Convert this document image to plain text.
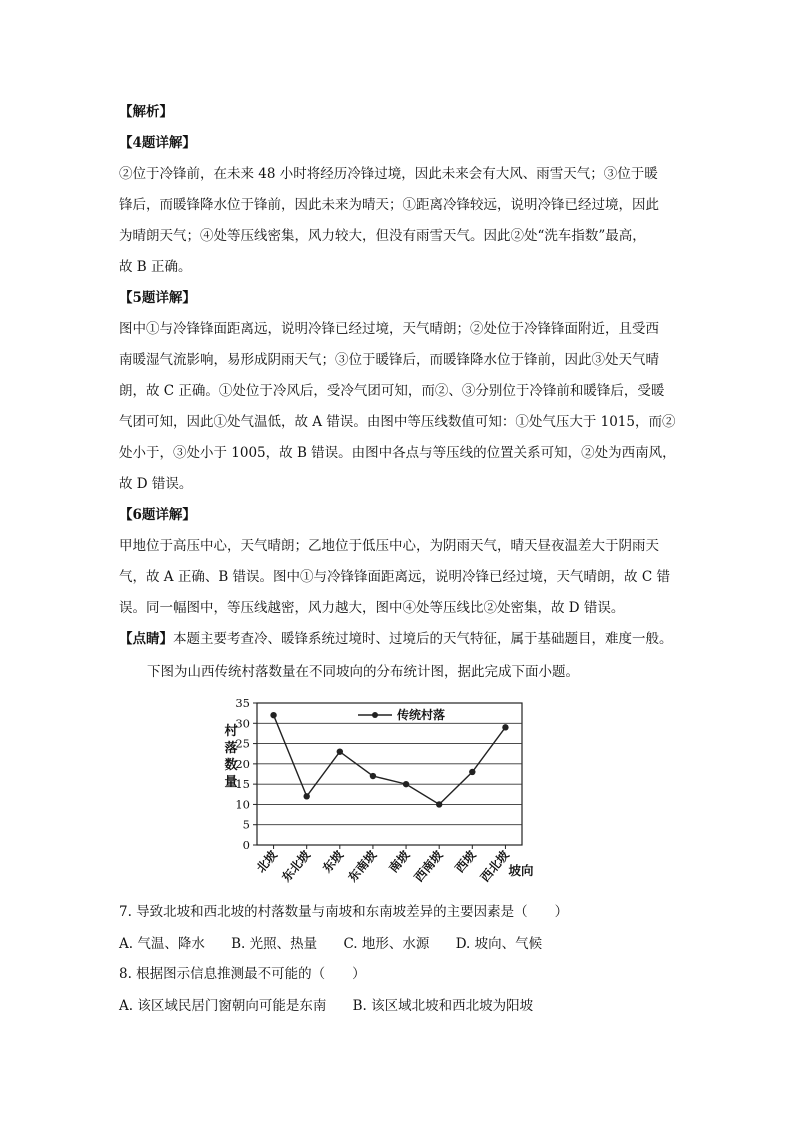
【解析】
【4题详解】
②位于冷锋前，在未来 48 小时将经历冷锋过境，因此未来会有大风、雨雪天气；③位于暖
锋后，而暖锋降水位于锋前，因此未来为晴天；①距离冷锋较远，说明冷锋已经过境，因此
为晴朗天气；④处等压线密集，风力较大，但没有雨雪天气。因此②处“洗车指数”最高，
故 B 正确。
【5题详解】
图中①与冷锋锋面距离远，说明冷锋已经过境，天气晴朗；②处位于冷锋锋面附近，且受西
南暖湿气流影响，易形成阴雨天气；③位于暖锋后，而暖锋降水位于锋前，因此③处天气晴
朗，故 C 正确。①处位于冷风后，受冷气团可知，而②、③分别位于冷锋前和暖锋后，受暖
气团可知，因此①处气温低，故 A 错误。由图中等压线数值可知：①处气压大于 1015，而②
处小于，③处小于 1005，故 B 错误。由图中各点与等压线的位置关系可知，②处为西南风，
故 D 错误。
【6题详解】
甲地位于高压中心，天气晴朗；乙地位于低压中心，为阴雨天气，晴天昼夜温差大于阴雨天
气，故 A 正确、B 错误。图中①与冷锋锋面距离远，说明冷锋已经过境，天气晴朗，故 C 错
误。同一幅图中，等压线越密，风力越大，图中④处等压线比②处密集，故 D 错误。
【点睛】本题主要考查冷、暖锋系统过境时、过境后的天气特征，属于基础题目，难度一般。
下图为山西传统村落数量在不同坡向的分布统计图，据此完成下面小题。
0
5
10
15
20
25
30
35
北坡 东北坡 东坡 东南坡 南坡 西南坡 西坡 西北坡
村
落
数
量
坡向
传统村落
7. 导致北坡和西北坡的村落数量与南坡和东南坡差异的主要因素是（　　）
A. 气温、降水 B. 光照、热量 C. 地形、水源 D. 坡向、气候
8. 根据图示信息推测最不可能的（　　）
A. 该区域民居门窗朝向可能是东南 B. 该区域北坡和西北坡为阳坡
